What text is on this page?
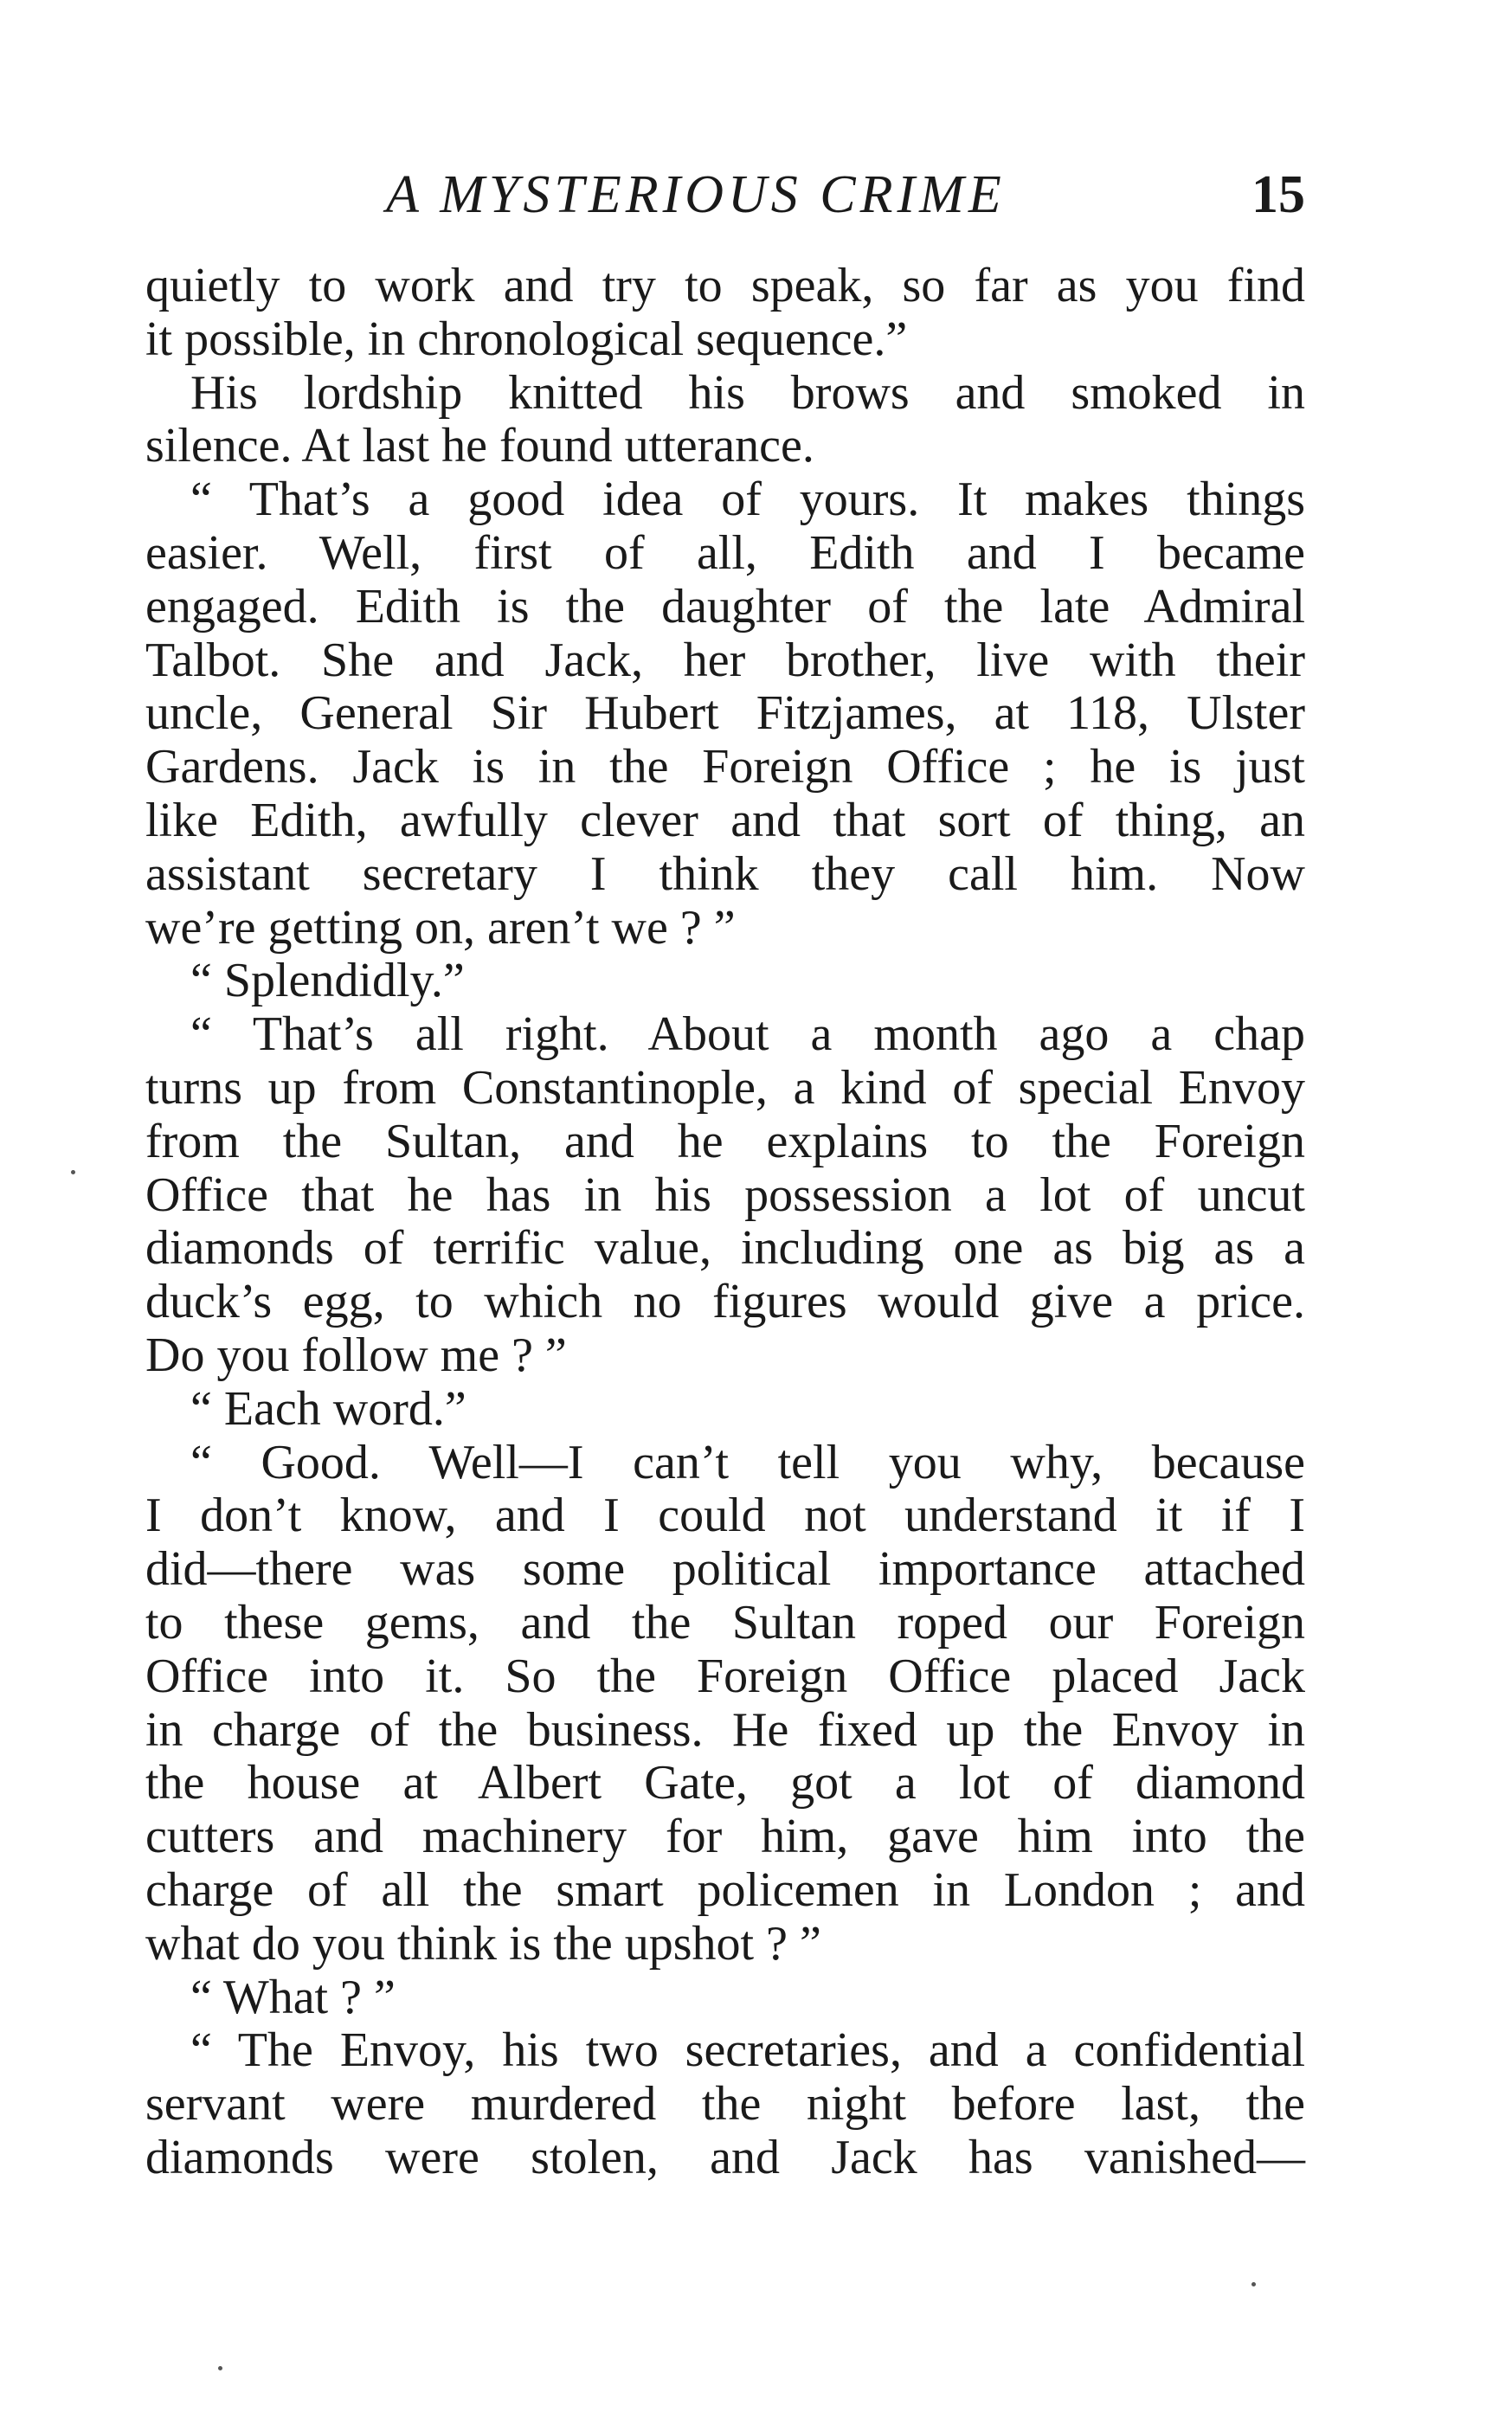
A MYSTERIOUS CRIME	15
quietly to work and try to speak, so far as you find
it possible, in chronological sequence.”
His lordship knitted his brows and smoked in
silence. At last he found utterance.
“ That’s a good idea of yours. It makes things
easier. Well, first of all, Edith and I became
engaged. Edith is the daughter of the late Admiral
Talbot. She and Jack, her brother, live with their
uncle, General Sir Hubert Fitzjames, at 118, Ulster
Gardens. Jack is in the Foreign Office ; he is just
like Edith, awfully clever and that sort of thing, an
assistant secretary I think they call him. Now
we’re getting on, aren’t we ? ”
“ Splendidly.”
“ That’s all right. About a month ago a chap
turns up from Constantinople, a kind of special Envoy
from the Sultan, and he explains to the Foreign
Office that he has in his possession a lot of uncut
diamonds of terrific value, including one as big as a
duck’s egg, to which no figures would give a price.
Do you follow me ? ”
“ Each word.”
“ Good. Well—I can’t tell you why, because
I don’t know, and I could not understand it if I
did—there was some political importance attached
to these gems, and the Sultan roped our Foreign
Office into it. So the Foreign Office placed Jack
in charge of the business. He fixed up the Envoy in
the house at Albert Gate, got a lot of diamond
cutters and machinery for him, gave him into the
charge of all the smart policemen in London ; and
what do you think is the upshot ? ”
“ What ? ”
“ The Envoy, his two secretaries, and a confidential
servant were murdered the night before last, the
diamonds were stolen, and Jack has vanished—
